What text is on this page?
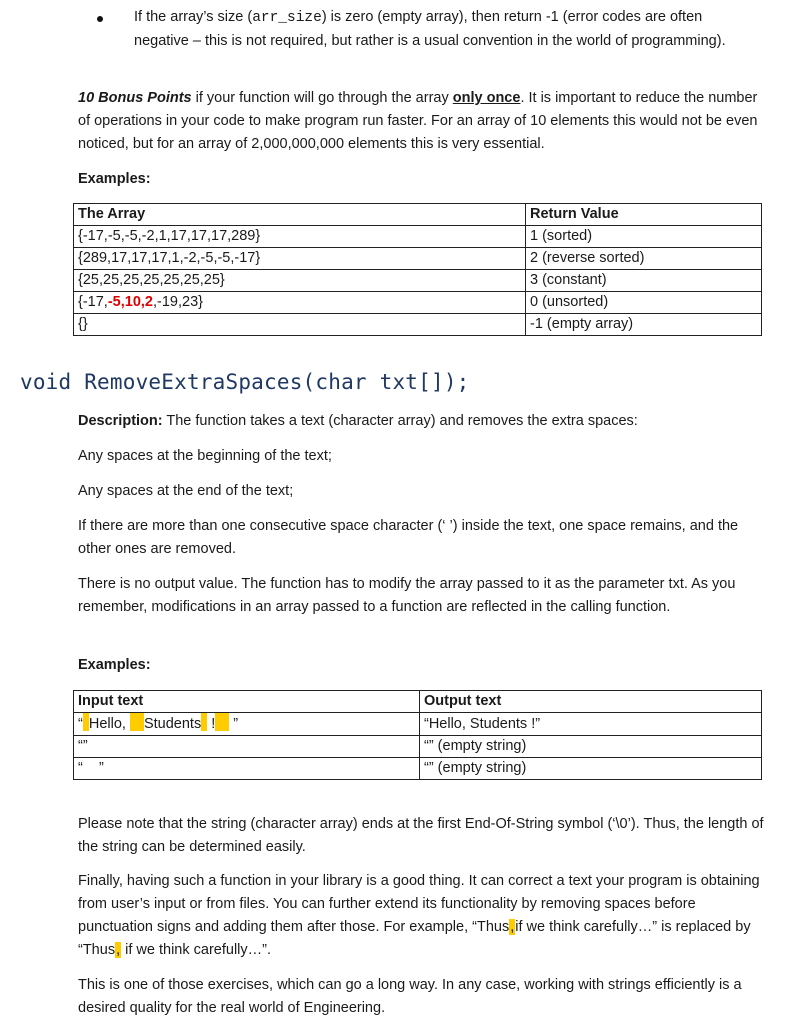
If the array’s size (arr_size) is zero (empty array), then return -1 (error codes are often negative – this is not required, but rather is a usual convention in the world of programming).

10 Bonus Points if your function will go through the array only once. It is important to reduce the number of operations in your code to make program run faster. For an array of 10 elements this would not be even noticed, but for an array of 2,000,000,000 elements this is very essential.

Examples:

The Array	Return Value
{-17,-5,-5,-2,1,17,17,17,289}	1 (sorted)
{289,17,17,17,1,-2,-5,-5,-17}	2 (reverse sorted)
{25,25,25,25,25,25,25}	3 (constant)
{-17,-5,10,2,-19,23}	0 (unsorted)
{}	-1 (empty array)
void RemoveExtraSpaces(char txt[]);

Description: The function takes a text (character array) and removes the extra spaces:

Any spaces at the beginning of the text;

Any spaces at the end of the text;

If there are more than one consecutive space character (‘ ’) inside the text, one space remains, and the other ones are removed.

There is no output value. The function has to modify the array passed to it as the parameter txt. As you remember, modifications in an array passed to a function are reflected in the calling function.

Examples:

Input text	Output text
“ Hello, Students ! ”	“Hello, Students !”
“”	“” (empty string)
“    ”	“” (empty string)

Please note that the string (character array) ends at the first End-Of-String symbol (‘\0’). Thus, the length of the string can be determined easily.

Finally, having such a function in your library is a good thing. It can correct a text your program is obtaining from user’s input or from files. You can further extend its functionality by removing spaces before punctuation signs and adding them after those. For example, “Thus,if we think carefully…” is replaced by “Thus, if we think carefully…”.

This is one of those exercises, which can go a long way. In any case, working with strings efficiently is a desired quality for the real world of Engineering.
